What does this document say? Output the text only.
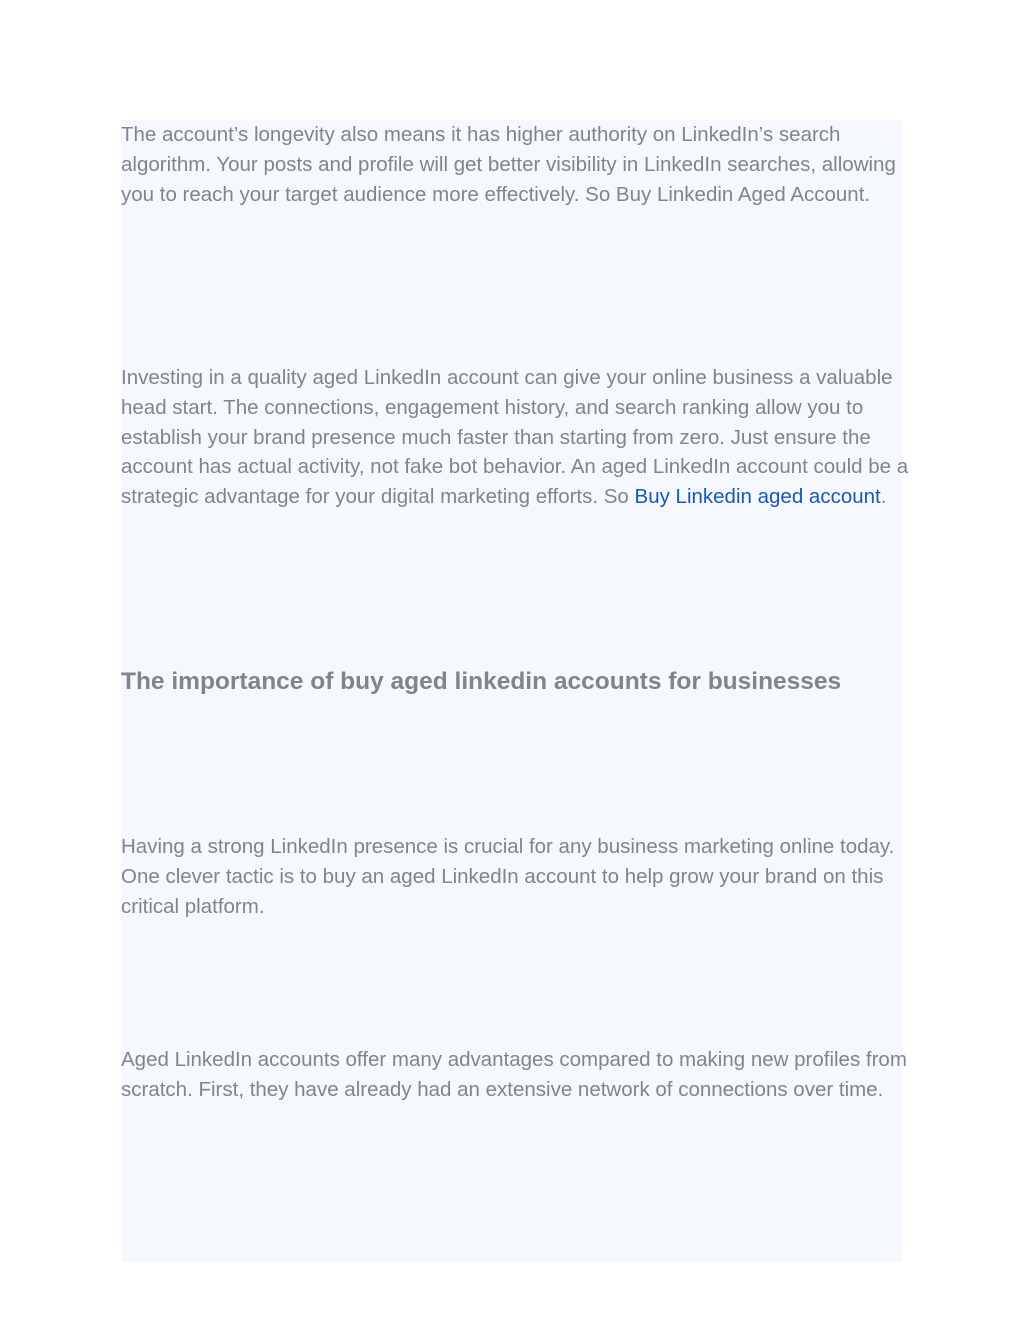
The account’s longevity also means it has higher authority on LinkedIn’s search algorithm. Your posts and profile will get better visibility in LinkedIn searches, allowing you to reach your target audience more effectively. So Buy Linkedin Aged Account.

Investing in a quality aged LinkedIn account can give your online business a valuable head start. The connections, engagement history, and search ranking allow you to establish your brand presence much faster than starting from zero. Just ensure the account has actual activity, not fake bot behavior. An aged LinkedIn account could be a strategic advantage for your digital marketing efforts. So Buy Linkedin aged account.

The importance of buy aged linkedin accounts for businesses

Having a strong LinkedIn presence is crucial for any business marketing online today. One clever tactic is to buy an aged LinkedIn account to help grow your brand on this critical platform.

Aged LinkedIn accounts offer many advantages compared to making new profiles from scratch. First, they have already had an extensive network of connections over time.
